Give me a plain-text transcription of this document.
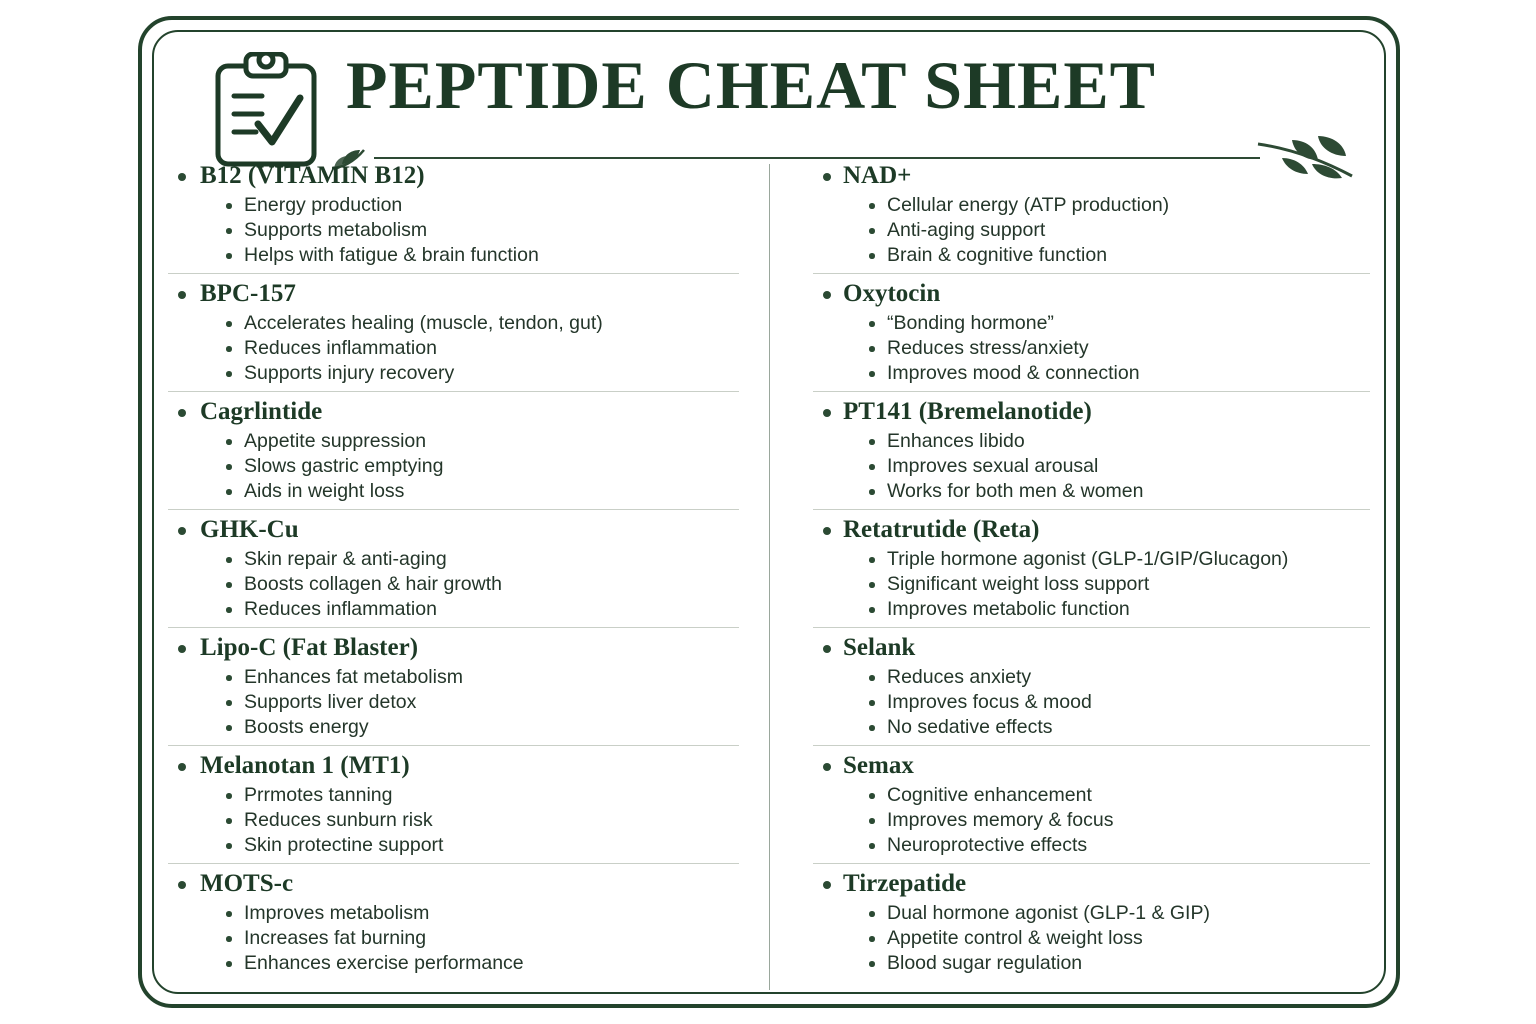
PEPTIDE CHEAT SHEET
B12 (VITAMIN B12)
Energy production
Supports metabolism
Helps with fatigue & brain function
BPC-157
Accelerates healing (muscle, tendon, gut)
Reduces inflammation
Supports injury recovery
Cagrlintide
Appetite suppression
Slows gastric emptying
Aids in weight loss
GHK-Cu
Skin repair & anti-aging
Boosts collagen & hair growth
Reduces inflammation
Lipo-C (Fat Blaster)
Enhances fat metabolism
Supports liver detox
Boosts energy
Melanotan 1 (MT1)
Prrmotes tanning
Reduces sunburn risk
Skin protectine support
MOTS-c
Improves metabolism
Increases fat burning
Enhances exercise performance
NAD+
Cellular energy (ATP production)
Anti-aging support
Brain & cognitive function
Oxytocin
“Bonding hormone”
Reduces stress/anxiety
Improves mood & connection
PT141 (Bremelanotide)
Enhances libido
Improves sexual arousal
Works for both men & women
Retatrutide (Reta)
Triple hormone agonist (GLP-1/GIP/Glucagon)
Significant weight loss support
Improves metabolic function
Selank
Reduces anxiety
Improves focus & mood
No sedative effects
Semax
Cognitive enhancement
Improves memory & focus
Neuroprotective effects
Tirzepatide
Dual hormone agonist (GLP-1 & GIP)
Appetite control & weight loss
Blood sugar regulation
